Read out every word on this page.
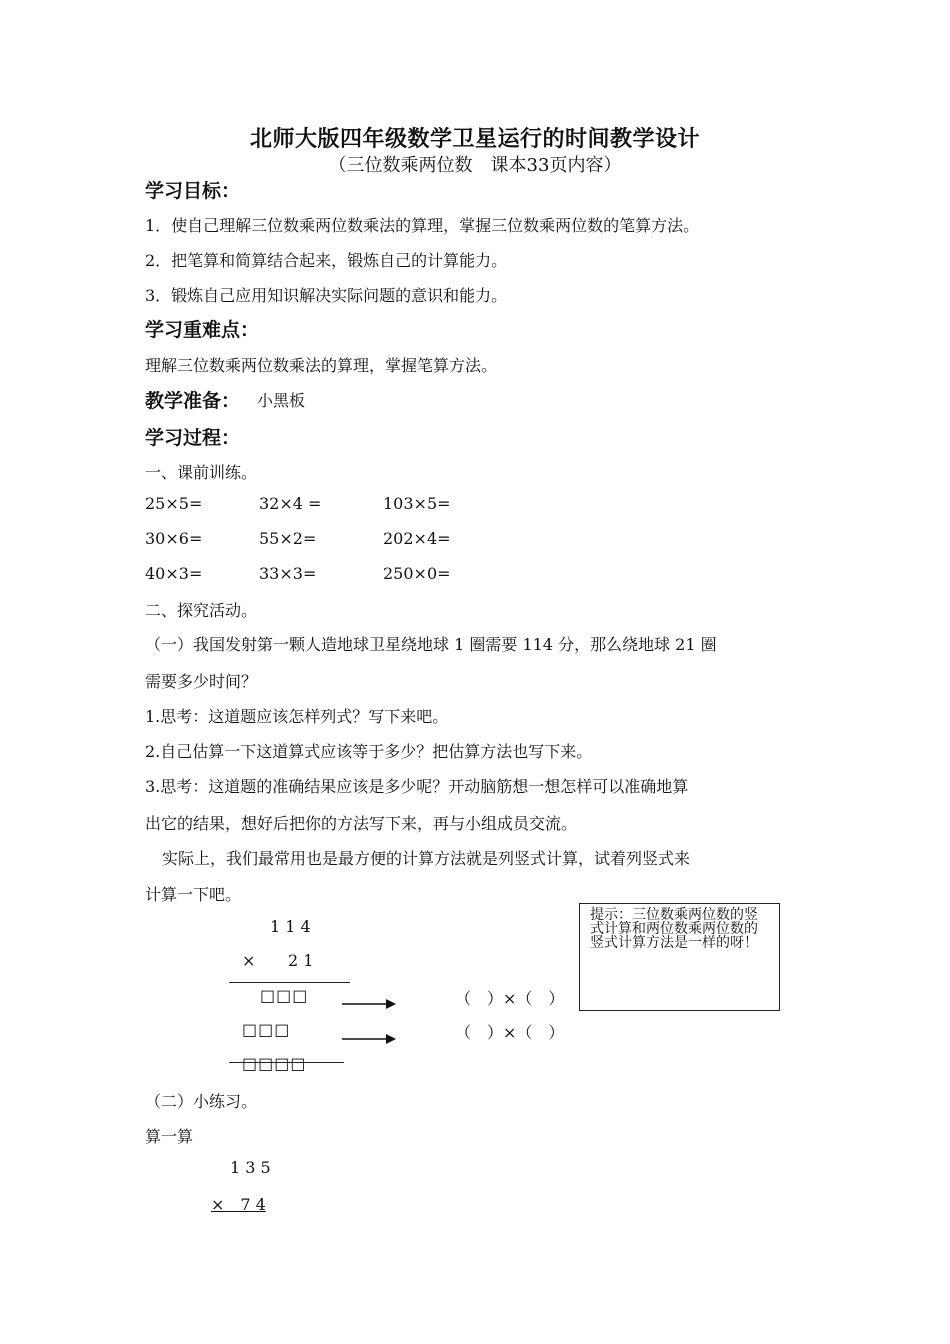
北师大版四年级数学卫星运行的时间教学设计
（三位数乘两位数　课本33页内容）
学习目标：
1．使自己理解三位数乘两位数乘法的算理，掌握三位数乘两位数的笔算方法。
2．把笔算和简算结合起来，锻炼自己的计算能力。
3．锻炼自己应用知识解决实际问题的意识和能力。
学习重难点：
理解三位数乘两位数乘法的算理，掌握笔算方法。
教学准备： 小黑板
学习过程：
一、课前训练。
25×5=	32×4 =	103×5=
30×6=	55×2=	202×4=
40×3=	33×3=	250×0=
二、探究活动。
（一）我国发射第一颗人造地球卫星绕地球 1 圈需要 114 分，那么绕地球 21 圈
需要多少时间？
1.思考：这道题应该怎样列式？写下来吧。
2.自己估算一下这道算式应该等于多少？把估算方法也写下来。
3.思考：这道题的准确结果应该是多少呢？开动脑筋想一想怎样可以准确地算
出它的结果，想好后把你的方法写下来，再与小组成员交流。
实际上，我们最常用也是最方便的计算方法就是列竖式计算，试着列竖式来
计算一下吧。
1 1 4
× 2 1
□□□
□□□
□□□□
（　）×（　）
（　）×（　）
提示：三位数乘两位数的竖式计算和两位数乘两位数的竖式计算方法是一样的呀！
（二）小练习。
算一算
1 3 5
×　7 4
